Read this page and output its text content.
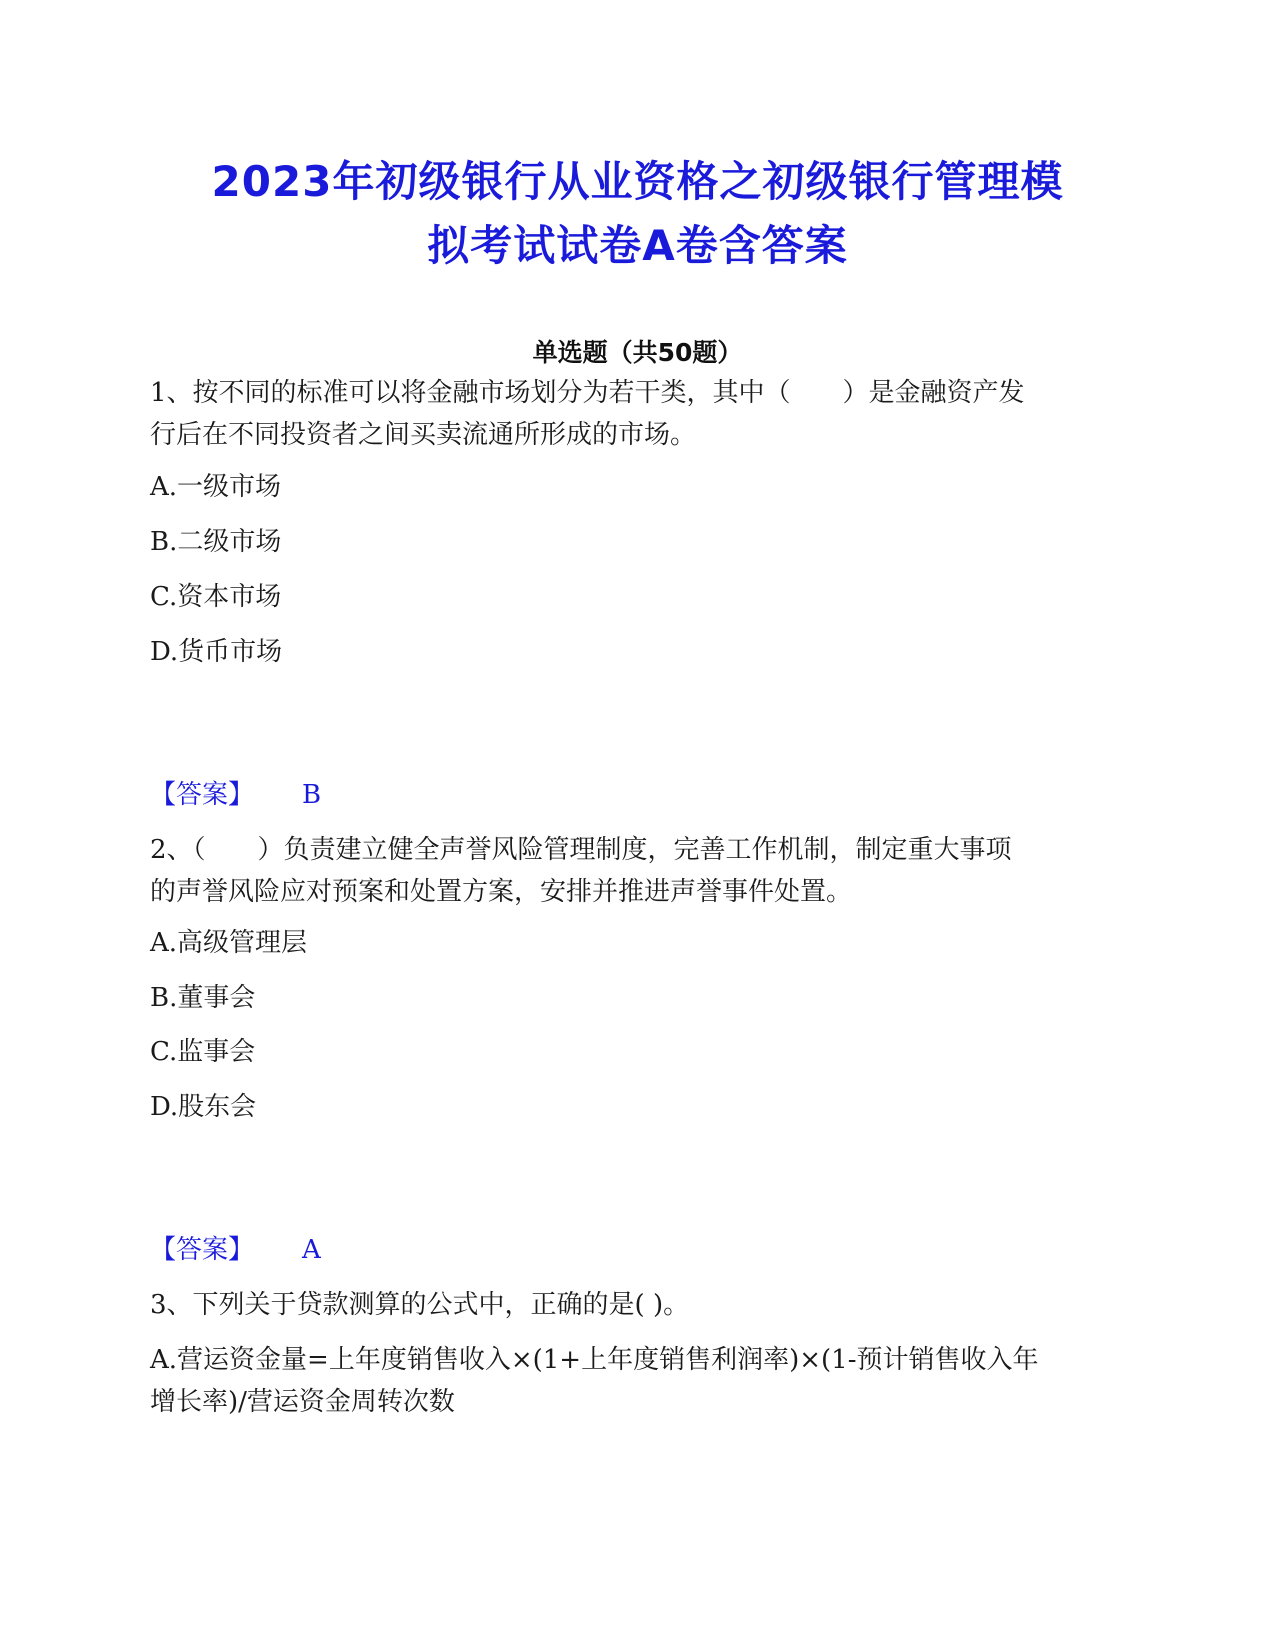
2023年初级银行从业资格之初级银行管理模
拟考试试卷A卷含答案
单选题（共50题）
1、按不同的标准可以将金融市场划分为若干类，其中（　　）是金融资产发
行后在不同投资者之间买卖流通所形成的市场。
A.一级市场
B.二级市场
C.资本市场
D.货币市场
【答案】 B
2、（　　）负责建立健全声誉风险管理制度，完善工作机制，制定重大事项
的声誉风险应对预案和处置方案，安排并推进声誉事件处置。
A.高级管理层
B.董事会
C.监事会
D.股东会
【答案】 A
3、下列关于贷款测算的公式中，正确的是( )。
A.营运资金量=上年度销售收入×(1+上年度销售利润率)×(1-预计销售收入年
增长率)/营运资金周转次数
